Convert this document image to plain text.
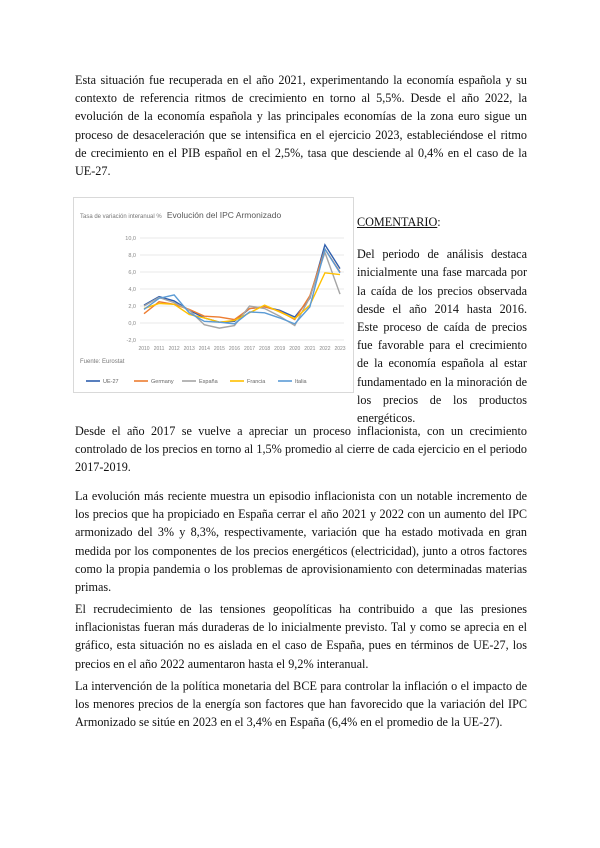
Esta situación fue recuperada en el año 2021, experimentando la economía española y su contexto de referencia ritmos de crecimiento en torno al 5,5%. Desde el año 2022, la evolución de la economía española y las principales economías de la zona euro sigue un proceso de desaceleración que se intensifica en el ejercicio 2023, estableciéndose el ritmo de crecimiento en el PIB español en el 2,5%, tasa que desciende al 0,4% en el caso de la UE-27.

Tasa de variación interanual % Evolución del IPC Armonizado
10,0
8,0
6,0
4,0
2,0
0,0
-2,0
2010 2011 2012 2013 2014 2015 2016 2017 2018 2019 2020 2021 2022 2023
Fuente: Eurostat
UE-27	Germany	España	Francia	Italia
COMENTARIO:
Del periodo de análisis destaca inicialmente una fase marcada por la caída de los precios observada desde el año 2014 hasta 2016. Este proceso de caída de precios fue favorable para el crecimiento de la economía española al estar fundamentado en la minoración de los precios de los productos energéticos.

Desde el año 2017 se vuelve a apreciar un proceso inflacionista, con un crecimiento controlado de los precios en torno al 1,5% promedio al cierre de cada ejercicio en el periodo 2017-2019.

La evolución más reciente muestra un episodio inflacionista con un notable incremento de los precios que ha propiciado en España cerrar el año 2021 y 2022 con un aumento del IPC armonizado del 3% y 8,3%, respectivamente, variación que ha estado motivada en gran medida por los componentes de los precios energéticos (electricidad), junto a otros factores como la propia pandemia o los problemas de aprovisionamiento con determinadas materias primas.

El recrudecimiento de las tensiones geopolíticas ha contribuido a que las presiones inflacionistas fueran más duraderas de lo inicialmente previsto. Tal y como se aprecia en el gráfico, esta situación no es aislada en el caso de España, pues en términos de UE-27, los precios en el año 2022 aumentaron hasta el 9,2% interanual.

La intervención de la política monetaria del BCE para controlar la inflación o el impacto de los menores precios de la energía son factores que han favorecido que la variación del IPC Armonizado se sitúe en 2023 en el 3,4% en España (6,4% en el promedio de la UE-27).
